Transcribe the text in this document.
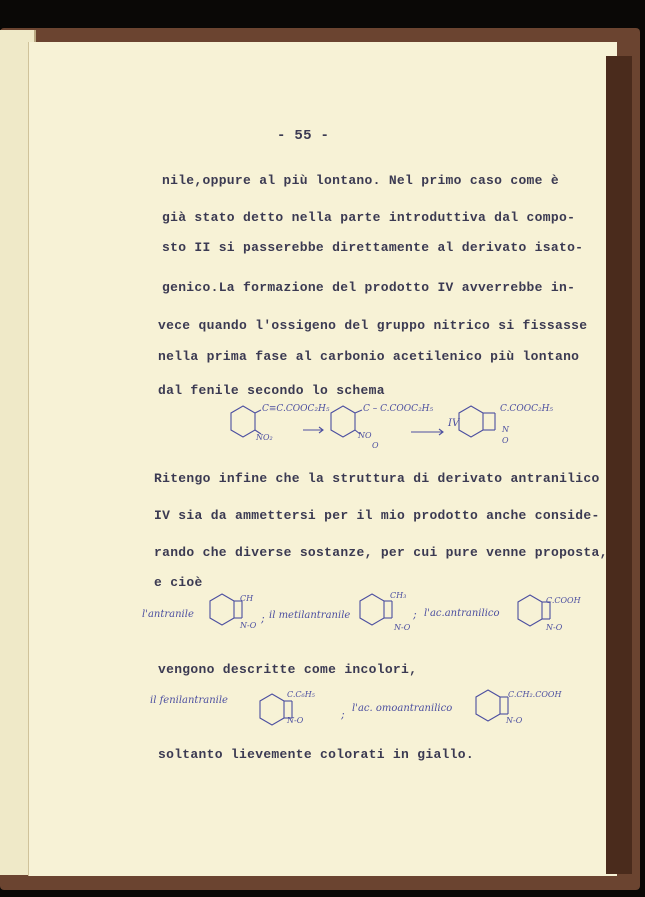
- 55 -
nile,oppure al più lontano. Nel primo caso come è
già stato detto nella parte introduttiva dal compo-
sto II si passerebbe direttamente al derivato isato-
genico.La formazione del prodotto IV avverrebbe in-
vece quando l'ossigeno del gruppo nitrico si fissasse
nella prima fase al carbonio acetilenico più lontano
dal fenile secondo lo schema
C≡C.COOC₂H₅
NO₂
C – C.COOC₂H₅
NO
O
IV
C.COOC₂H₅
N
O
Ritengo infine che la struttura di derivato antranilico
IV sia da ammettersi per il mio prodotto anche conside-
rando che diverse sostanze, per cui pure venne proposta,
e cioè
l'antranile
CH
N-O
; il metilantranile
CH₃
N-O
; l'ac.antranilico
C.COOH
N-O
vengono descritte come incolori,
il fenilantranile
C.C₆H₅
N-O	; l'ac. omoantranilico
C.CH₂.COOH
N-O
soltanto lievemente colorati in giallo.
